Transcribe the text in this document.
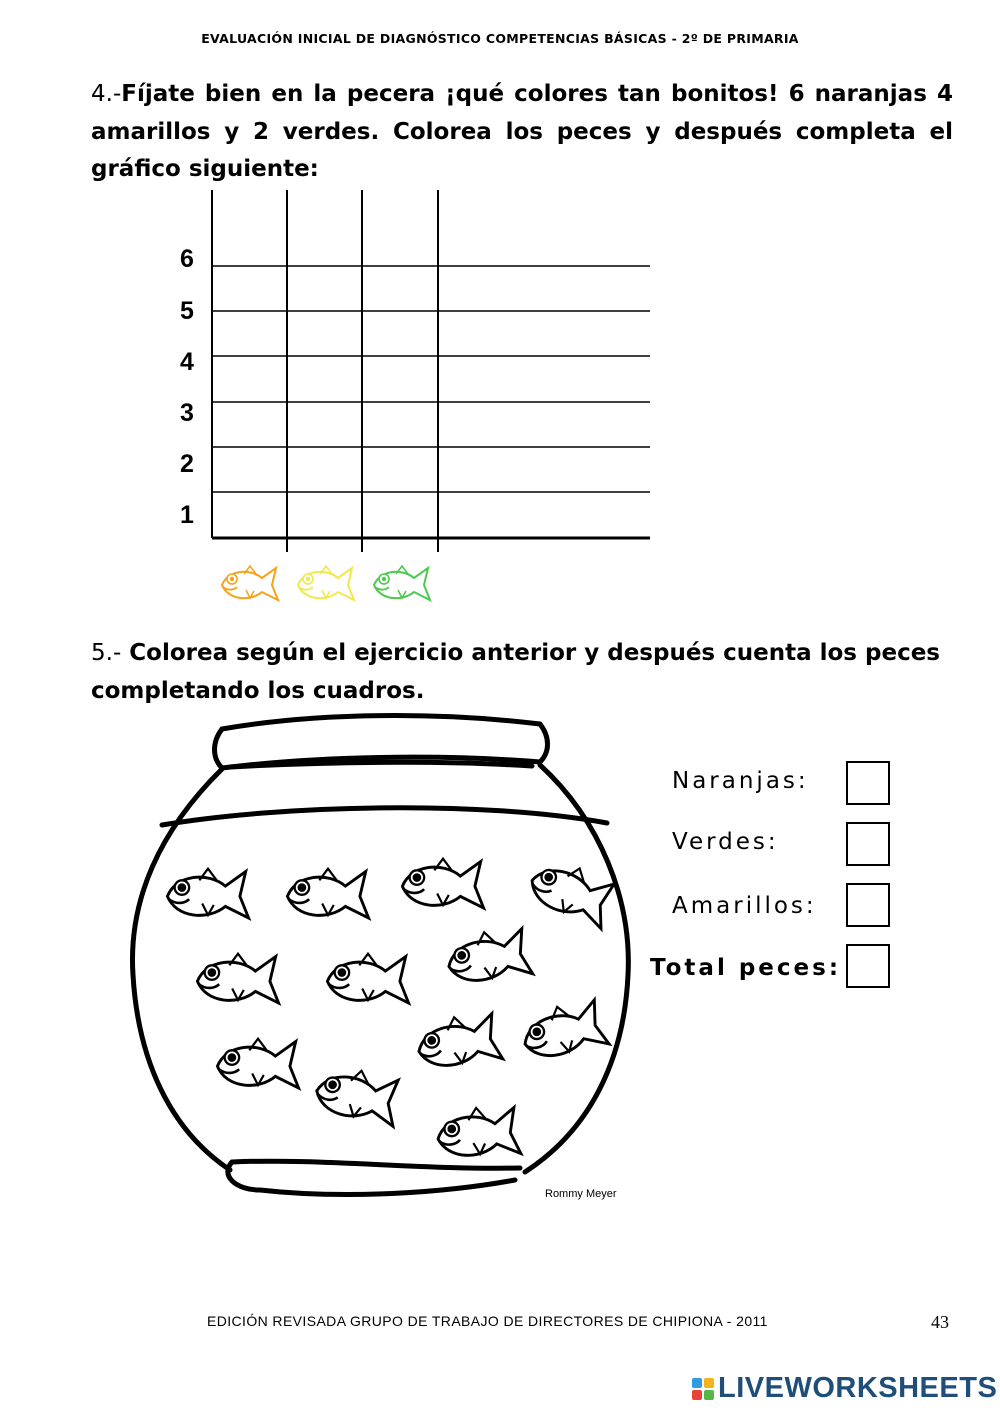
EVALUACIÓN INICIAL DE DIAGNÓSTICO COMPETENCIAS BÁSICAS - 2º DE PRIMARIA
4.-Fíjate bien en la pecera ¡qué colores tan bonitos! 6 naranjas 4 amarillos y 2 verdes. Colorea los peces y después completa el gráfico siguiente:
6
5
4
3
2
1
5.- Colorea según el ejercicio anterior y después cuenta los peces completando los cuadros.
Rommy Meyer
Naranjas:
Verdes:
Amarillos:
Total peces:
EDICIÓN REVISADA GRUPO DE TRABAJO DE DIRECTORES DE CHIPIONA - 2011	43
LIVEWORKSHEETS
